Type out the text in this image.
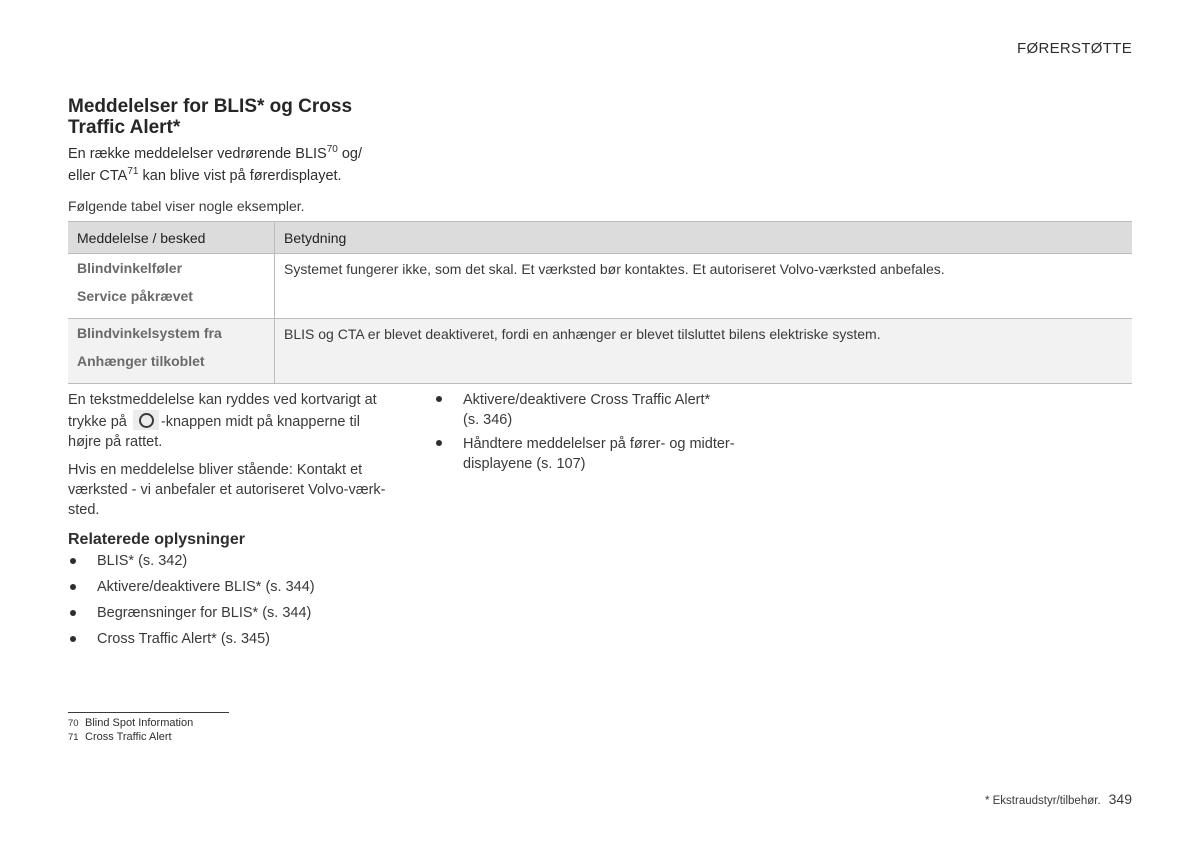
FØRERSTØTTE
Meddelelser for BLIS* og Cross
Traffic Alert*
En række meddelelser vedrørende BLIS$^{70}$ og/
eller CTA$^{71}$ kan blive vist på førerdisplayet.
Følgende tabel viser nogle eksempler.
Meddelelse / besked	Betydning

Blindvinkelføler
Service påkrævet	Systemet fungerer ikke, som det skal. Et værksted bør kontaktes. Et autoriseret Volvo-værksted anbefales.

Blindvinkelsystem fra
Anhænger tilkoblet	BLIS og CTA er blevet deaktiveret, fordi en anhænger er blevet tilsluttet bilens elektriske system.
En tekstmeddelelse kan ryddes ved kortvarigt at
trykke på -knappen midt på knapperne til
højre på rattet.
Hvis en meddelelse bliver stående: Kontakt et
værksted - vi anbefaler et autoriseret Volvo-værk-
sted.
Relaterede oplysninger
BLIS* (s. 342)
Aktivere/deaktivere BLIS* (s. 344)
Begrænsninger for BLIS* (s. 344)
Cross Traffic Alert* (s. 345)
Aktivere/deaktivere Cross Traffic Alert*
(s. 346)
Håndtere meddelelser på fører- og midter-
displayene (s. 107)
70 Blind Spot Information
71 Cross Traffic Alert
* Ekstraudstyr/tilbehør. 349
